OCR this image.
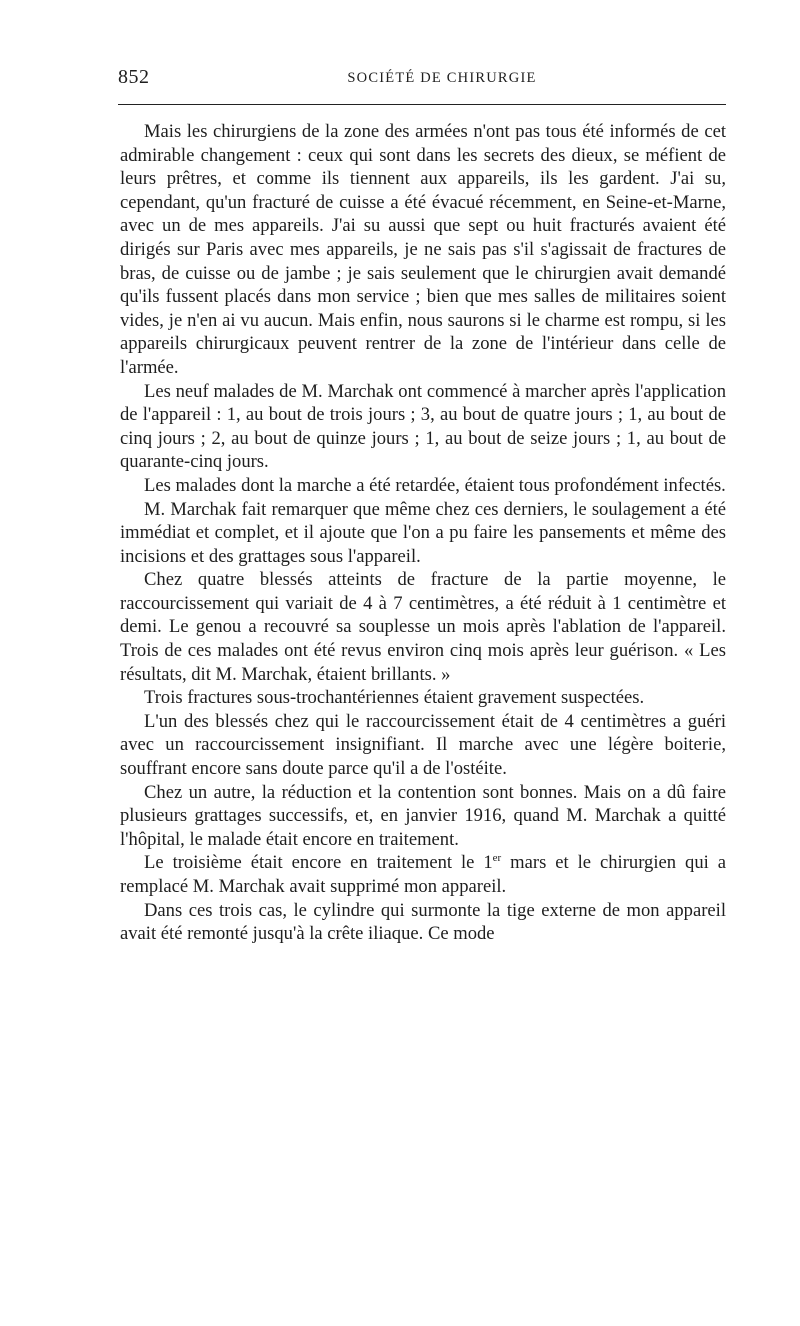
852	SOCIÉTÉ DE CHIRURGIE

Mais les chirurgiens de la zone des armées n'ont pas tous été informés de cet admirable changement : ceux qui sont dans les secrets des dieux, se méfient de leurs prêtres, et comme ils tiennent aux appareils, ils les gardent. J'ai su, cependant, qu'un fracturé de cuisse a été évacué récemment, en Seine-et-Marne, avec un de mes appareils. J'ai su aussi que sept ou huit fracturés avaient été dirigés sur Paris avec mes appareils, je ne sais pas s'il s'agissait de fractures de bras, de cuisse ou de jambe ; je sais seulement que le chirurgien avait demandé qu'ils fussent placés dans mon service ; bien que mes salles de militaires soient vides, je n'en ai vu aucun. Mais enfin, nous saurons si le charme est rompu, si les appareils chirurgicaux peuvent rentrer de la zone de l'intérieur dans celle de l'armée.

Les neuf malades de M. Marchak ont commencé à marcher après l'application de l'appareil : 1, au bout de trois jours ; 3, au bout de quatre jours ; 1, au bout de cinq jours ; 2, au bout de quinze jours ; 1, au bout de seize jours ; 1, au bout de quarante-cinq jours.

Les malades dont la marche a été retardée, étaient tous profondément infectés.

M. Marchak fait remarquer que même chez ces derniers, le soulagement a été immédiat et complet, et il ajoute que l'on a pu faire les pansements et même des incisions et des grattages sous l'appareil.

Chez quatre blessés atteints de fracture de la partie moyenne, le raccourcissement qui variait de 4 à 7 centimètres, a été réduit à 1 centimètre et demi. Le genou a recouvré sa souplesse un mois après l'ablation de l'appareil. Trois de ces malades ont été revus environ cinq mois après leur guérison. « Les résultats, dit M. Marchak, étaient brillants. »

Trois fractures sous-trochantériennes étaient gravement suspectées.

L'un des blessés chez qui le raccourcissement était de 4 centimètres a guéri avec un raccourcissement insignifiant. Il marche avec une légère boiterie, souffrant encore sans doute parce qu'il a de l'ostéite.

Chez un autre, la réduction et la contention sont bonnes. Mais on a dû faire plusieurs grattages successifs, et, en janvier 1916, quand M. Marchak a quitté l'hôpital, le malade était encore en traitement.

Le troisième était encore en traitement le 1er mars et le chirurgien qui a remplacé M. Marchak avait supprimé mon appareil.

Dans ces trois cas, le cylindre qui surmonte la tige externe de mon appareil avait été remonté jusqu'à la crête iliaque. Ce mode
